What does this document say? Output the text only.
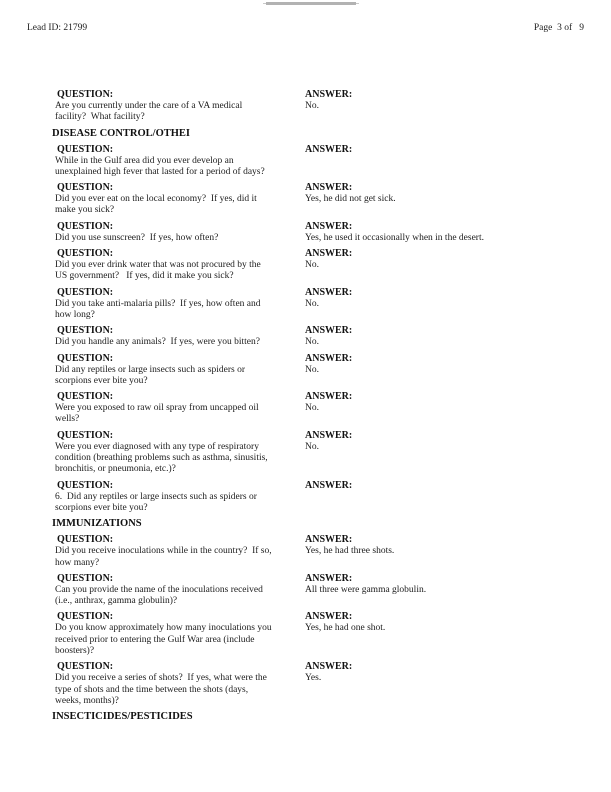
Lead ID: 21799	Page  3 of   9
QUESTION:
Are you currently under the care of a VA medical
facility?  What facility?
ANSWER:
No.
DISEASE CONTROL/OTHEI
QUESTION:
While in the Gulf area did you ever develop an
unexplained high fever that lasted for a period of days?
ANSWER:
QUESTION:
Did you ever eat on the local economy?  If yes, did it
make you sick?
ANSWER:
Yes, he did not get sick.
QUESTION:
Did you use sunscreen?  If yes, how often?
ANSWER:
Yes, he used it occasionally when in the desert.
QUESTION:
Did you ever drink water that was not procured by the
US government?   If yes, did it make you sick?
ANSWER:
No.
QUESTION:
Did you take anti-malaria pills?  If yes, how often and
how long?
ANSWER:
No.
QUESTION:
Did you handle any animals?  If yes, were you bitten?
ANSWER:
No.
QUESTION:
Did any reptiles or large insects such as spiders or
scorpions ever bite you?
ANSWER:
No.
QUESTION:
Were you exposed to raw oil spray from uncapped oil
wells?
ANSWER:
No.
QUESTION:
Were you ever diagnosed with any type of respiratory
condition (breathing problems such as asthma, sinusitis,
bronchitis, or pneumonia, etc.)?
ANSWER:
No.
QUESTION:
6.  Did any reptiles or large insects such as spiders or
scorpions ever bite you?
ANSWER:
IMMUNIZATIONS
QUESTION:
Did you receive inoculations while in the country?  If so,
how many?
ANSWER:
Yes, he had three shots.
QUESTION:
Can you provide the name of the inoculations received
(i.e., anthrax, gamma globulin)?
ANSWER:
All three were gamma globulin.
QUESTION:
Do you know approximately how many inoculations you
received prior to entering the Gulf War area (include
boosters)?
ANSWER:
Yes, he had one shot.
QUESTION:
Did you receive a series of shots?  If yes, what were the
type of shots and the time between the shots (days,
weeks, months)?
ANSWER:
Yes.
INSECTICIDES/PESTICIDES
